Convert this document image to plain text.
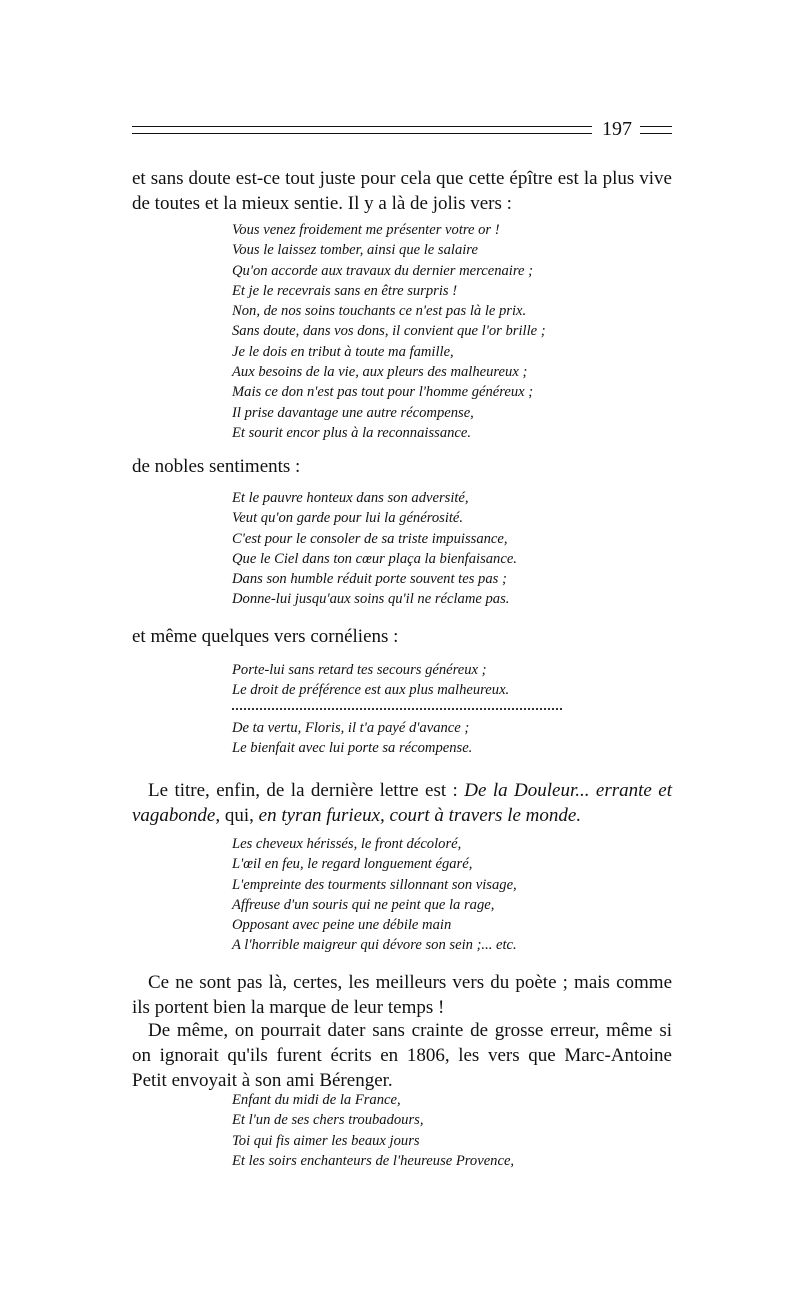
197
et sans doute est-ce tout juste pour cela que cette épître est la plus vive de toutes et la mieux sentie. Il y a là de jolis vers :
Vous venez froidement me présenter votre or !
Vous le laissez tomber, ainsi que le salaire
Qu'on accorde aux travaux du dernier mercenaire ;
Et je le recevrais sans en être surpris !
Non, de nos soins touchants ce n'est pas là le prix.
Sans doute, dans vos dons, il convient que l'or brille ;
Je le dois en tribut à toute ma famille,
Aux besoins de la vie, aux pleurs des malheureux ;
Mais ce don n'est pas tout pour l'homme généreux ;
Il prise davantage une autre récompense,
Et sourit encor plus à la reconnaissance.
de nobles sentiments :
Et le pauvre honteux dans son adversité,
Veut qu'on garde pour lui la générosité.
C'est pour le consoler de sa triste impuissance,
Que le Ciel dans ton cœur plaça la bienfaisance.
Dans son humble réduit porte souvent tes pas ;
Donne-lui jusqu'aux soins qu'il ne réclame pas.
et même quelques vers cornéliens :
Porte-lui sans retard tes secours généreux ;
Le droit de préférence est aux plus malheureux.
De ta vertu, Floris, il t'a payé d'avance ;
Le bienfait avec lui porte sa récompense.
Le titre, enfin, de la dernière lettre est : De la Douleur... errante et vagabonde, qui, en tyran furieux, court à travers le monde.
Les cheveux hérissés, le front décoloré,
L'œil en feu, le regard longuement égaré,
L'empreinte des tourments sillonnant son visage,
Affreuse d'un souris qui ne peint que la rage,
Opposant avec peine une débile main
A l'horrible maigreur qui dévore son sein ;... etc.
Ce ne sont pas là, certes, les meilleurs vers du poète ; mais comme ils portent bien la marque de leur temps !
De même, on pourrait dater sans crainte de grosse erreur, même si on ignorait qu'ils furent écrits en 1806, les vers que Marc-Antoine Petit envoyait à son ami Bérenger.
Enfant du midi de la France,
Et l'un de ses chers troubadours,
Toi qui fis aimer les beaux jours
Et les soirs enchanteurs de l'heureuse Provence,
